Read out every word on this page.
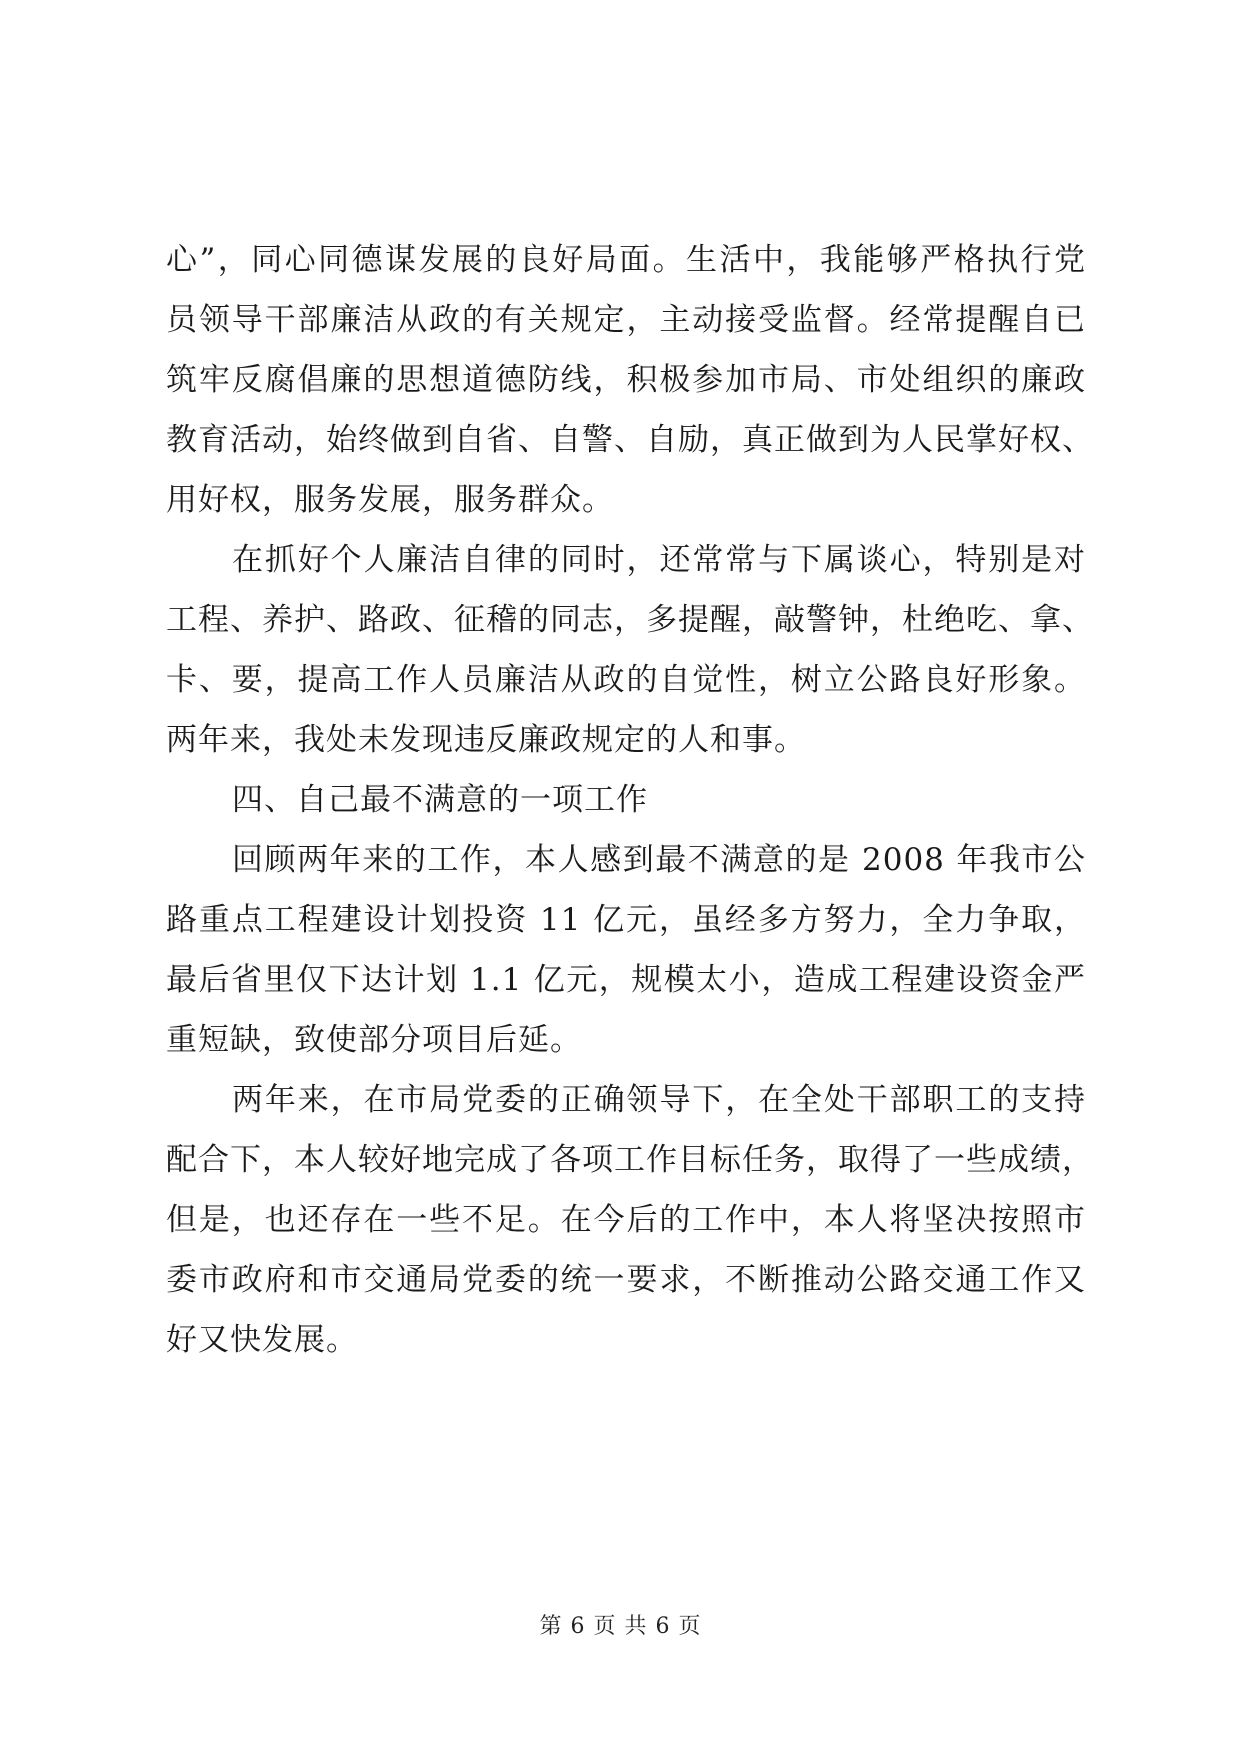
心”，同心同德谋发展的良好局面。生活中，我能够严格执行党
员领导干部廉洁从政的有关规定，主动接受监督。经常提醒自已
筑牢反腐倡廉的思想道德防线，积极参加市局、市处组织的廉政
教育活动，始终做到自省、自警、自励，真正做到为人民掌好权、
用好权，服务发展，服务群众。
在抓好个人廉洁自律的同时，还常常与下属谈心，特别是对
工程、养护、路政、征稽的同志，多提醒，敲警钟，杜绝吃、拿、
卡、要，提高工作人员廉洁从政的自觉性，树立公路良好形象。
两年来，我处未发现违反廉政规定的人和事。
四、自己最不满意的一项工作
回顾两年来的工作，本人感到最不满意的是 2008 年我市公
路重点工程建设计划投资 11 亿元，虽经多方努力，全力争取，
最后省里仅下达计划 1.1 亿元，规模太小，造成工程建设资金严
重短缺，致使部分项目后延。
两年来，在市局党委的正确领导下，在全处干部职工的支持
配合下，本人较好地完成了各项工作目标任务，取得了一些成绩，
但是，也还存在一些不足。在今后的工作中，本人将坚决按照市
委市政府和市交通局党委的统一要求，不断推动公路交通工作又
好又快发展。
第 6 页 共 6 页
